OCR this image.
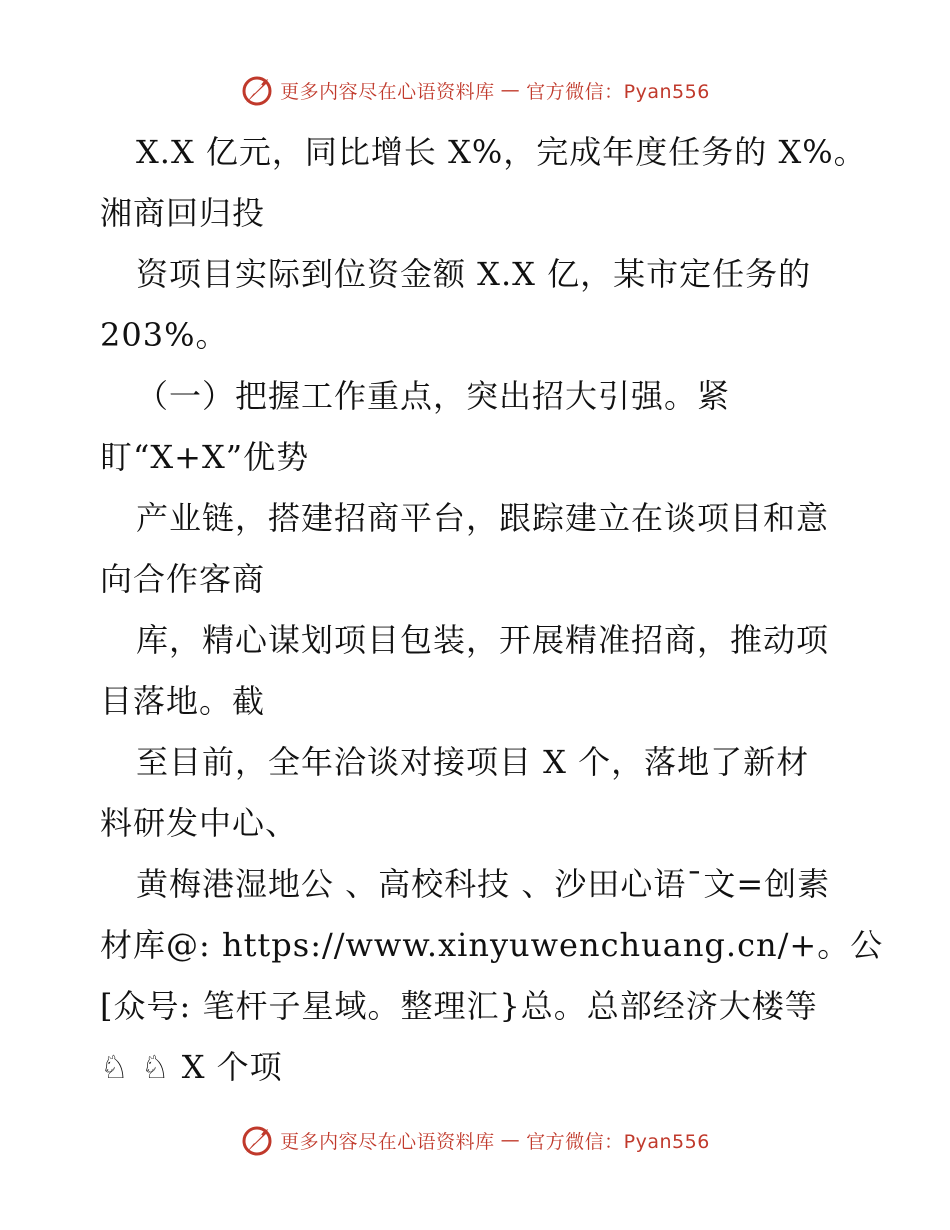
更多内容尽在心语资料库 — 官方微信：Pyan556
X.X 亿元，同比增长 X%，完成年度任务的 X%。
湘商回归投
资项目实际到位资金额 X.X 亿，某市定任务的
203%。
（一）把握工作重点，突出招大引强。紧
盯“X+X”优势
产业链，搭建招商平台，跟踪建立在谈项目和意
向合作客商
库，精心谋划项目包装，开展精准招商，推动项
目落地。截
至目前，全年洽谈对接项目 X 个，落地了新材
料研发中心、
黄梅港湿地公 、高校科技 、沙田心语¯文=创素
材库@: https://www.xinyuwenchuang.cn/+。公
[众号: 笔杆子星域。整理汇}总。总部经济大楼等
♘ ♘ X 个项
更多内容尽在心语资料库 — 官方微信：Pyan556
